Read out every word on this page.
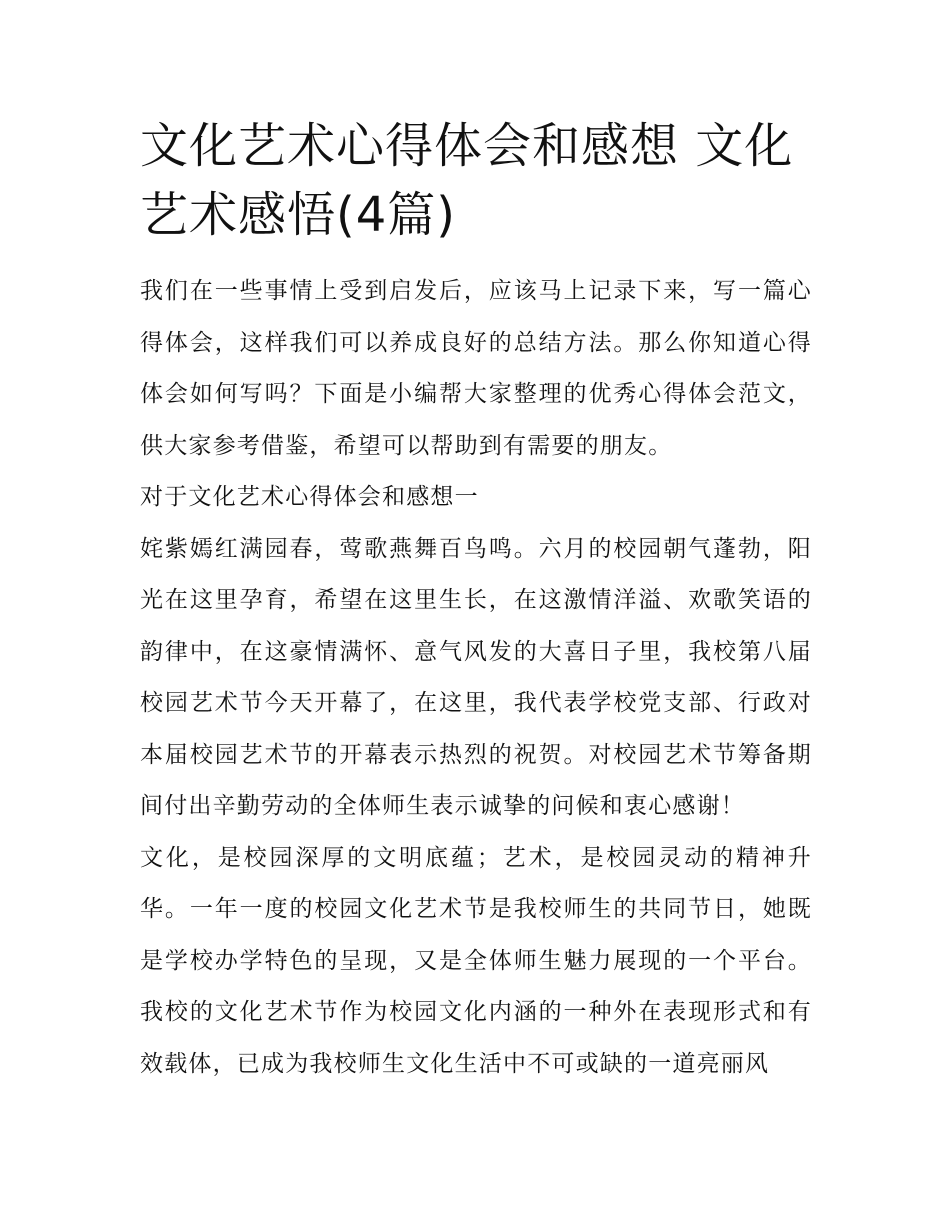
文化艺术心得体会和感想 文化艺术感悟(4篇)

我们在一些事情上受到启发后，应该马上记录下来，写一篇心得体会，这样我们可以养成良好的总结方法。那么你知道心得体会如何写吗？下面是小编帮大家整理的优秀心得体会范文，供大家参考借鉴，希望可以帮助到有需要的朋友。

对于文化艺术心得体会和感想一

姹紫嫣红满园春，莺歌燕舞百鸟鸣。六月的校园朝气蓬勃，阳光在这里孕育，希望在这里生长，在这激情洋溢、欢歌笑语的韵律中，在这豪情满怀、意气风发的大喜日子里，我校第八届校园艺术节今天开幕了，在这里，我代表学校党支部、行政对本届校园艺术节的开幕表示热烈的祝贺。对校园艺术节筹备期间付出辛勤劳动的全体师生表示诚挚的问候和衷心感谢！

文化，是校园深厚的文明底蕴；艺术，是校园灵动的精神升华。一年一度的校园文化艺术节是我校师生的共同节日，她既是学校办学特色的呈现，又是全体师生魅力展现的一个平台。我校的文化艺术节作为校园文化内涵的一种外在表现形式和有效载体，已成为我校师生文化生活中不可或缺的一道亮丽风
